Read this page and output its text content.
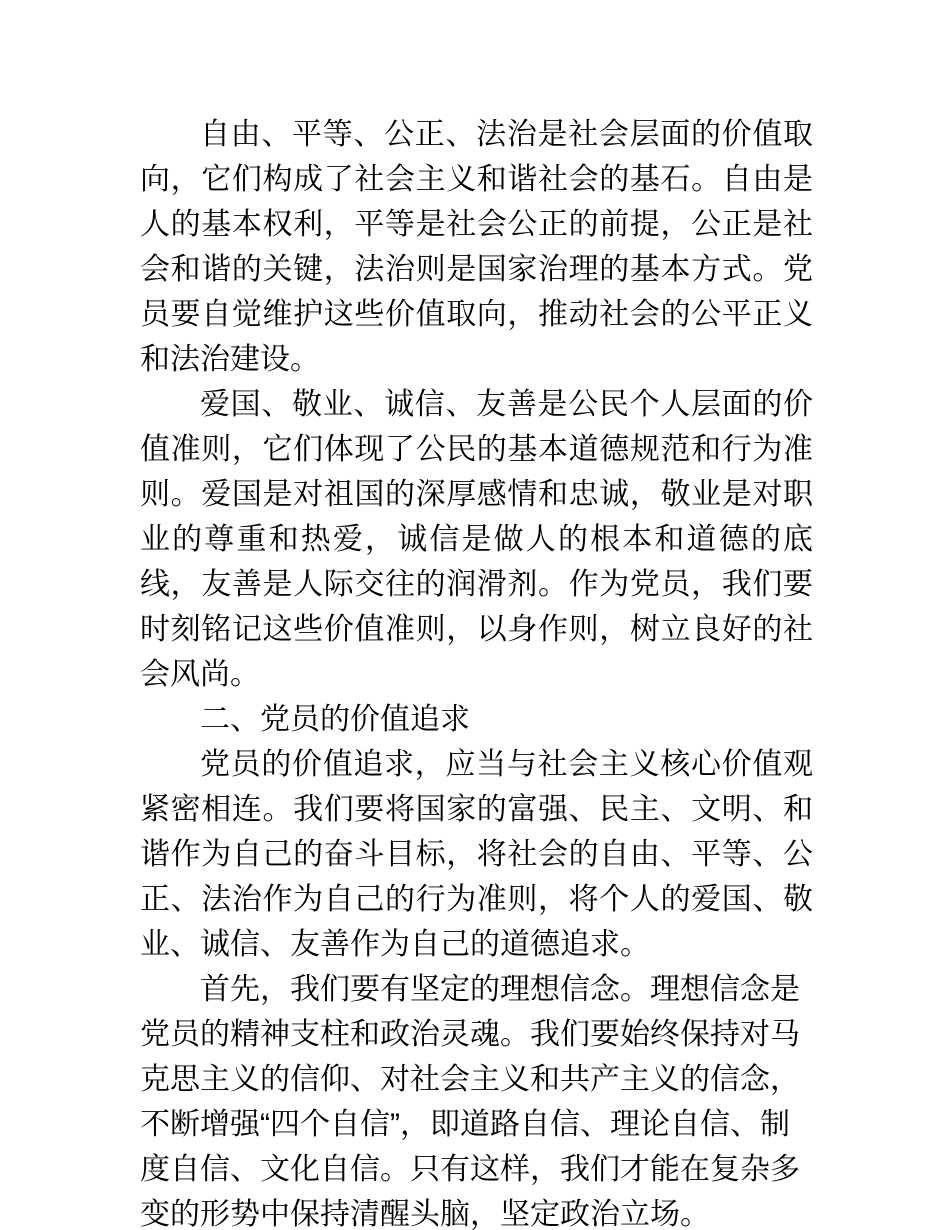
自由、平等、公正、法治是社会层面的价值取向，它们构成了社会主义和谐社会的基石。自由是人的基本权利，平等是社会公正的前提，公正是社会和谐的关键，法治则是国家治理的基本方式。党员要自觉维护这些价值取向，推动社会的公平正义和法治建设。

爱国、敬业、诚信、友善是公民个人层面的价值准则，它们体现了公民的基本道德规范和行为准则。爱国是对祖国的深厚感情和忠诚，敬业是对职业的尊重和热爱，诚信是做人的根本和道德的底线，友善是人际交往的润滑剂。作为党员，我们要时刻铭记这些价值准则，以身作则，树立良好的社会风尚。

二、党员的价值追求

党员的价值追求，应当与社会主义核心价值观紧密相连。我们要将国家的富强、民主、文明、和谐作为自己的奋斗目标，将社会的自由、平等、公正、法治作为自己的行为准则，将个人的爱国、敬业、诚信、友善作为自己的道德追求。

首先，我们要有坚定的理想信念。理想信念是党员的精神支柱和政治灵魂。我们要始终保持对马克思主义的信仰、对社会主义和共产主义的信念，不断增强“四个自信”，即道路自信、理论自信、制度自信、文化自信。只有这样，我们才能在复杂多变的形势中保持清醒头脑，坚定政治立场。
